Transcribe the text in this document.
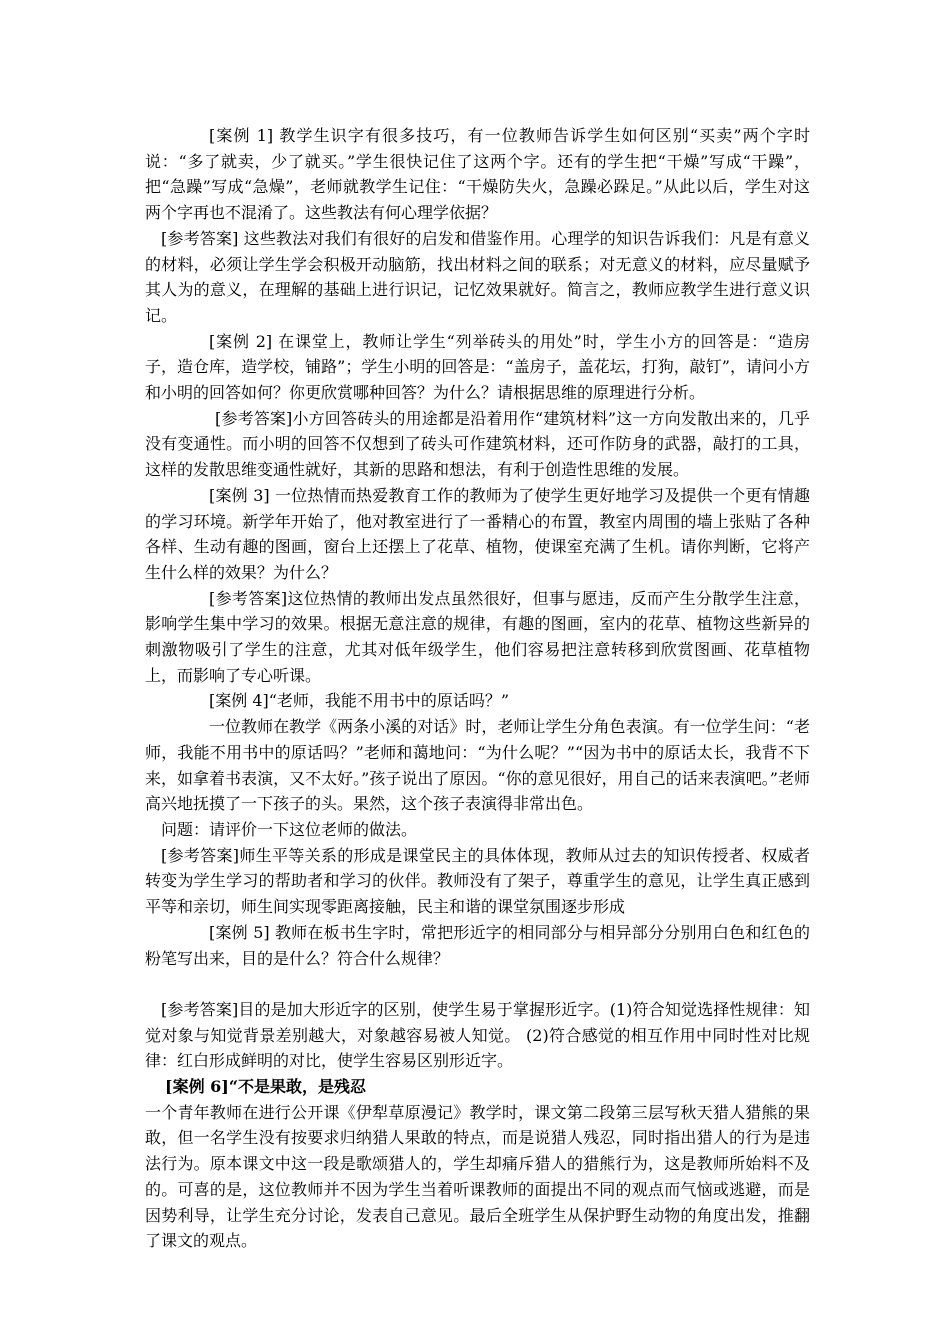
[案例 1] 教学生识字有很多技巧，有一位教师告诉学生如何区别“买卖”两个字时说：“多了就卖，少了就买。”学生很快记住了这两个字。还有的学生把“干燥”写成“干躁”，把“急躁”写成“急燥”，老师就教学生记住：“干燥防失火，急躁必跺足。”从此以后，学生对这两个字再也不混淆了。这些教法有何心理学依据？

[参考答案] 这些教法对我们有很好的启发和借鉴作用。心理学的知识告诉我们：凡是有意义的材料，必须让学生学会积极开动脑筋，找出材料之间的联系；对无意义的材料，应尽量赋予其人为的意义，在理解的基础上进行识记，记忆效果就好。简言之，教师应教学生进行意义识记。

[案例 2] 在课堂上，教师让学生“列举砖头的用处”时，学生小方的回答是：“造房子，造仓库，造学校，铺路”；学生小明的回答是：“盖房子，盖花坛，打狗，敲钉”，请问小方和小明的回答如何？你更欣赏哪种回答？为什么？请根据思维的原理进行分析。

[参考答案]小方回答砖头的用途都是沿着用作“建筑材料”这一方向发散出来的，几乎没有变通性。而小明的回答不仅想到了砖头可作建筑材料，还可作防身的武器，敲打的工具，这样的发散思维变通性就好，其新的思路和想法，有利于创造性思维的发展。

[案例 3] 一位热情而热爱教育工作的教师为了使学生更好地学习及提供一个更有情趣的学习环境。新学年开始了，他对教室进行了一番精心的布置，教室内周围的墙上张贴了各种各样、生动有趣的图画，窗台上还摆上了花草、植物，使课室充满了生机。请你判断，它将产生什么样的效果？为什么？

[参考答案]这位热情的教师出发点虽然很好，但事与愿违，反而产生分散学生注意，影响学生集中学习的效果。根据无意注意的规律，有趣的图画，室内的花草、植物这些新异的刺激物吸引了学生的注意，尤其对低年级学生，他们容易把注意转移到欣赏图画、花草植物上，而影响了专心听课。

[案例 4]“老师，我能不用书中的原话吗？”

一位教师在教学《两条小溪的对话》时，老师让学生分角色表演。有一位学生问：“老师，我能不用书中的原话吗？”老师和蔼地问：“为什么呢？”“因为书中的原话太长，我背不下来，如拿着书表演，又不太好。”孩子说出了原因。“你的意见很好，用自己的话来表演吧。”老师高兴地抚摸了一下孩子的头。果然，这个孩子表演得非常出色。

问题：请评价一下这位老师的做法。

[参考答案]师生平等关系的形成是课堂民主的具体体现，教师从过去的知识传授者、权威者转变为学生学习的帮助者和学习的伙伴。教师没有了架子，尊重学生的意见，让学生真正感到平等和亲切，师生间实现零距离接触，民主和谐的课堂氛围逐步形成

[案例 5] 教师在板书生字时，常把形近字的相同部分与相异部分分别用白色和红色的粉笔写出来，目的是什么？符合什么规律？

[参考答案]目的是加大形近字的区别，使学生易于掌握形近字。(1)符合知觉选择性规律：知觉对象与知觉背景差别越大，对象越容易被人知觉。 (2)符合感觉的相互作用中同时性对比规律：红白形成鲜明的对比，使学生容易区别形近字。

[案例 6]“不是果敢，是残忍

一个青年教师在进行公开课《伊犁草原漫记》教学时，课文第二段第三层写秋天猎人猎熊的果敢，但一名学生没有按要求归纳猎人果敢的特点，而是说猎人残忍，同时指出猎人的行为是违法行为。原本课文中这一段是歌颂猎人的，学生却痛斥猎人的猎熊行为，这是教师所始料不及的。可喜的是，这位教师并不因为学生当着听课教师的面提出不同的观点而气恼或逃避，而是因势利导，让学生充分讨论，发表自己意见。最后全班学生从保护野生动物的角度出发，推翻了课文的观点。
